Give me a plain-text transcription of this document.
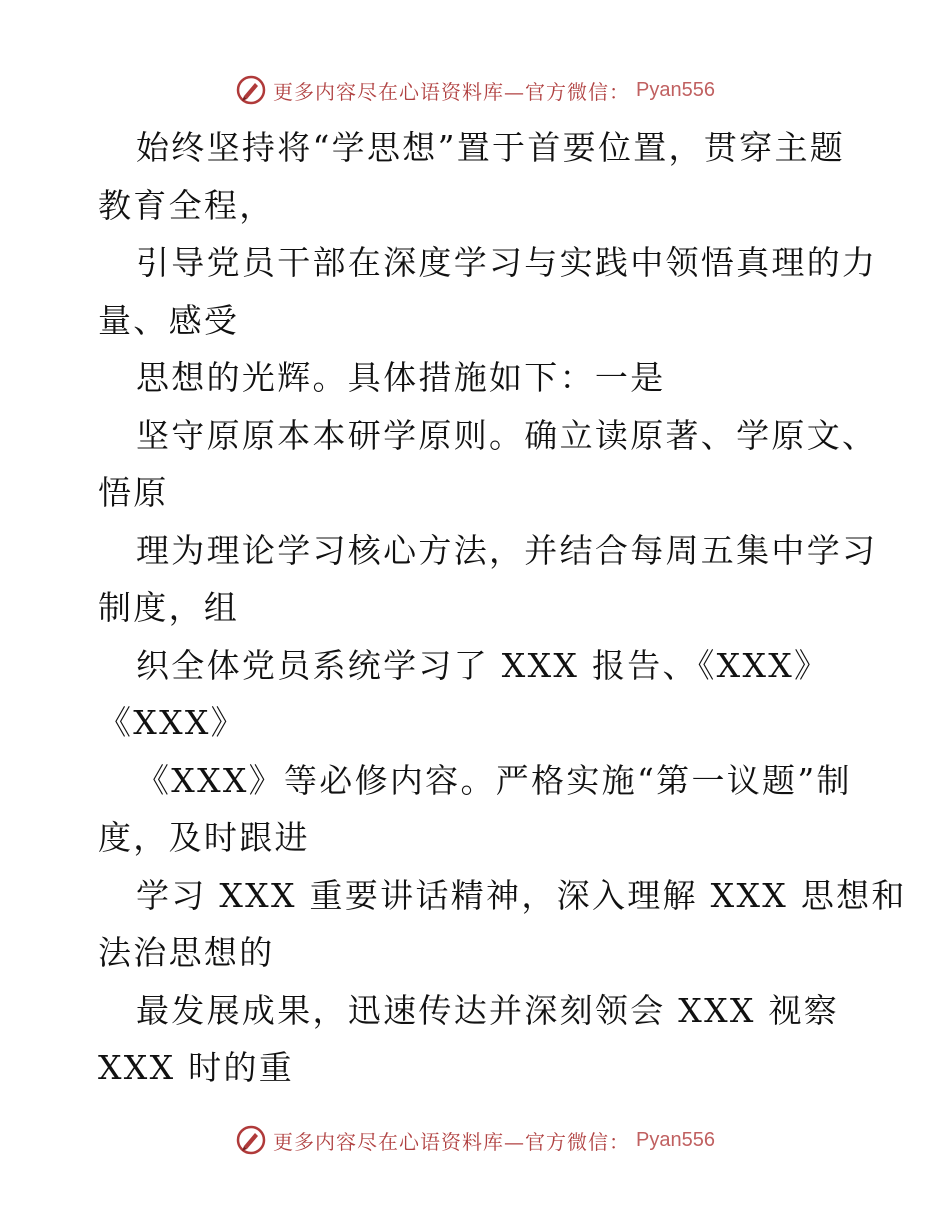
更多内容尽在心语资料库—官方微信： Pyan556
始终坚持将“学思想”置于首要位置，贯穿主题
教育全程，
引导党员干部在深度学习与实践中领悟真理的力
量、感受
思想的光辉。具体措施如下：一是
坚守原原本本研学原则。确立读原著、学原文、
悟原
理为理论学习核心方法，并结合每周五集中学习
制度，组
织全体党员系统学习了 XXX 报告、《XXX》
《XXX》
《XXX》等必修内容。严格实施“第一议题”制
度，及时跟进
学习 XXX 重要讲话精神，深入理解 XXX 思想和
法治思想的
最发展成果，迅速传达并深刻领会 XXX 视察
XXX 时的重
更多内容尽在心语资料库—官方微信： Pyan556
